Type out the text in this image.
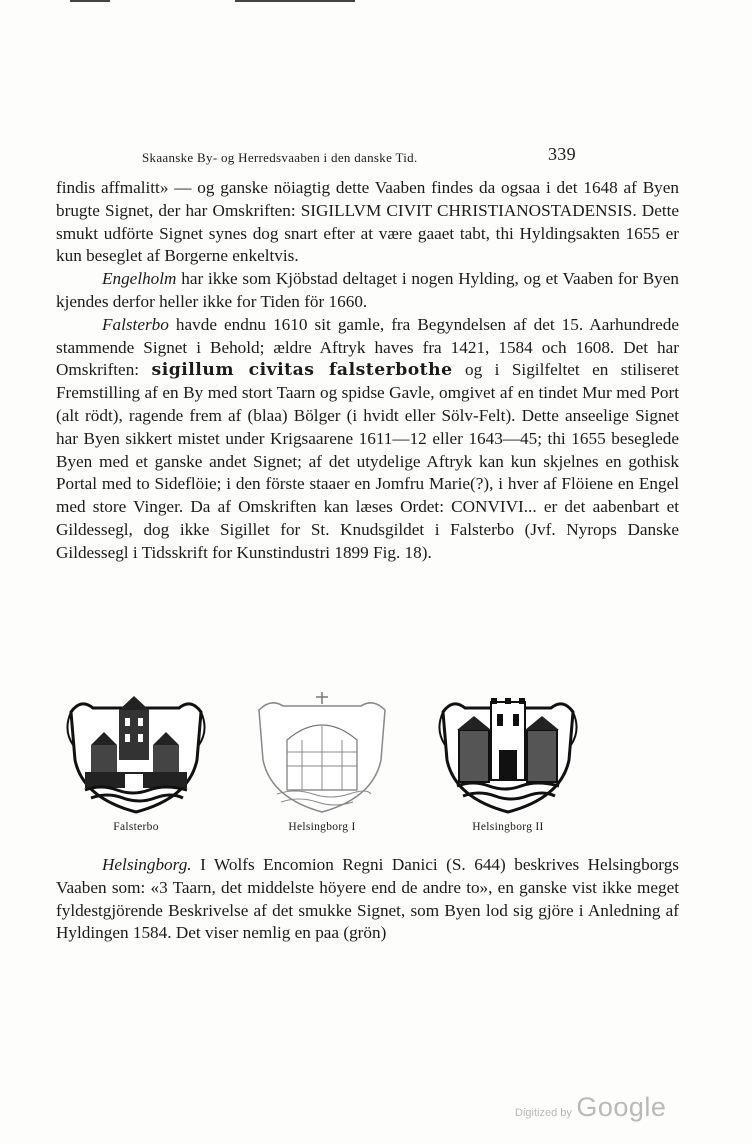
Skaanske By- og Herredsvaaben i den danske Tid.	339

findis affmalitt» — og ganske nöiagtig dette Vaaben findes da ogsaa i det 1648 af Byen brugte Signet, der har Omskriften: SIGILLVM CIVIT CHRISTIANOSTADENSIS. Dette smukt udförte Signet synes dog snart efter at være gaaet tabt, thi Hyldingsakten 1655 er kun beseglet af Borgerne enkeltvis.

Engelholm har ikke som Kjöbstad deltaget i nogen Hylding, og et Vaaben for Byen kjendes derfor heller ikke for Tiden för 1660.

Falsterbo havde endnu 1610 sit gamle, fra Begyndelsen af det 15. Aarhundrede stammende Signet i Behold; ældre Aftryk haves fra 1421, 1584 och 1608. Det har Omskriften: sigillum civitas falsterbothe og i Sigilfeltet en stiliseret Fremstilling af en By med stort Taarn og spidse Gavle, omgivet af en tindet Mur med Port (alt rödt), ragende frem af (blaa) Bölger (i hvidt eller Sölv-Felt). Dette anseelige Signet har Byen sikkert mistet under Krigsaarene 1611—12 eller 1643—45; thi 1655 beseglede Byen med et ganske andet Signet; af det utydelige Aftryk kan kun skjelnes en gothisk Portal med to Sideflöie; i den förste staaer en Jomfru Marie(?), i hver af Flöiene en Engel med store Vinger. Da af Omskriften kan læses Ordet: CONVIVI... er det aabenbart et Gildessegl, dog ikke Sigillet for St. Knudsgildet i Falsterbo (Jvf. Nyrops Danske Gildessegl i Tidsskrift for Kunstindustri 1899 Fig. 18).

Falsterbo	Helsingborg I	Helsingborg II

Helsingborg. I Wolfs Encomion Regni Danici (S. 644) beskrives Helsingborgs Vaaben som: «3 Taarn, det middelste höyere end de andre to», en ganske vist ikke meget fyldestgjörende Beskrivelse af det smukke Signet, som Byen lod sig gjöre i Anledning af Hyldingen 1584. Det viser nemlig en paa (grön)

Digitized by Google
